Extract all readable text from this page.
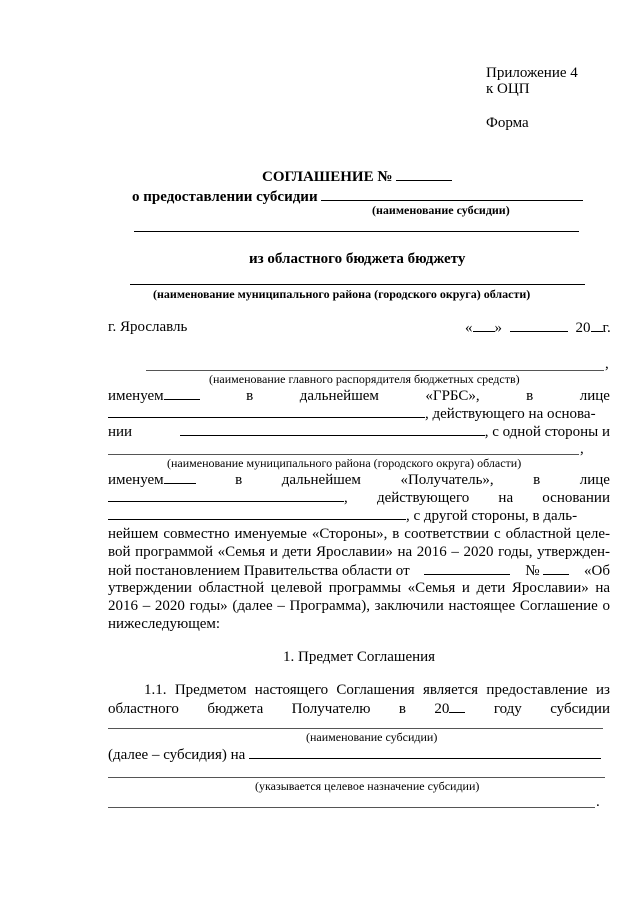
Приложение 4
к ОЦП
Форма
СОГЛАШЕНИЕ №
о предоставлении субсидии
(наименование субсидии)
из областного бюджета бюджету
(наименование муниципального района (городского округа) области)
г. Ярославль	« »	20 г.
,
(наименование главного распорядителя бюджетных средств)
именуем	в	дальнейшем	«ГРБС»,	в	лице
, действующего на основа-
нии	, с одной стороны и
,
(наименование муниципального района (городского округа) области)
именуем	в	дальнейшем	«Получатель»,	в	лице
, действующего на основании
, с другой стороны, в даль-
нейшем совместно именуемые «Стороны», в соответствии с областной целе-
вой программой «Семья и дети Ярославии» на 2016 – 2020 годы, утвержден-
ной постановлением Правительства области от	№	«Об
утверждении областной целевой программы «Семья и дети Ярославии» на
2016 – 2020 годы» (далее – Программа), заключили настоящее Соглашение о
нижеследующем:
1. Предмет Соглашения
1.1. Предметом настоящего Соглашения является предоставление из
областного бюджета Получателю в 20	году субсидии
(наименование субсидии)
(далее – субсидия) на
(указывается целевое назначение субсидии)
.
